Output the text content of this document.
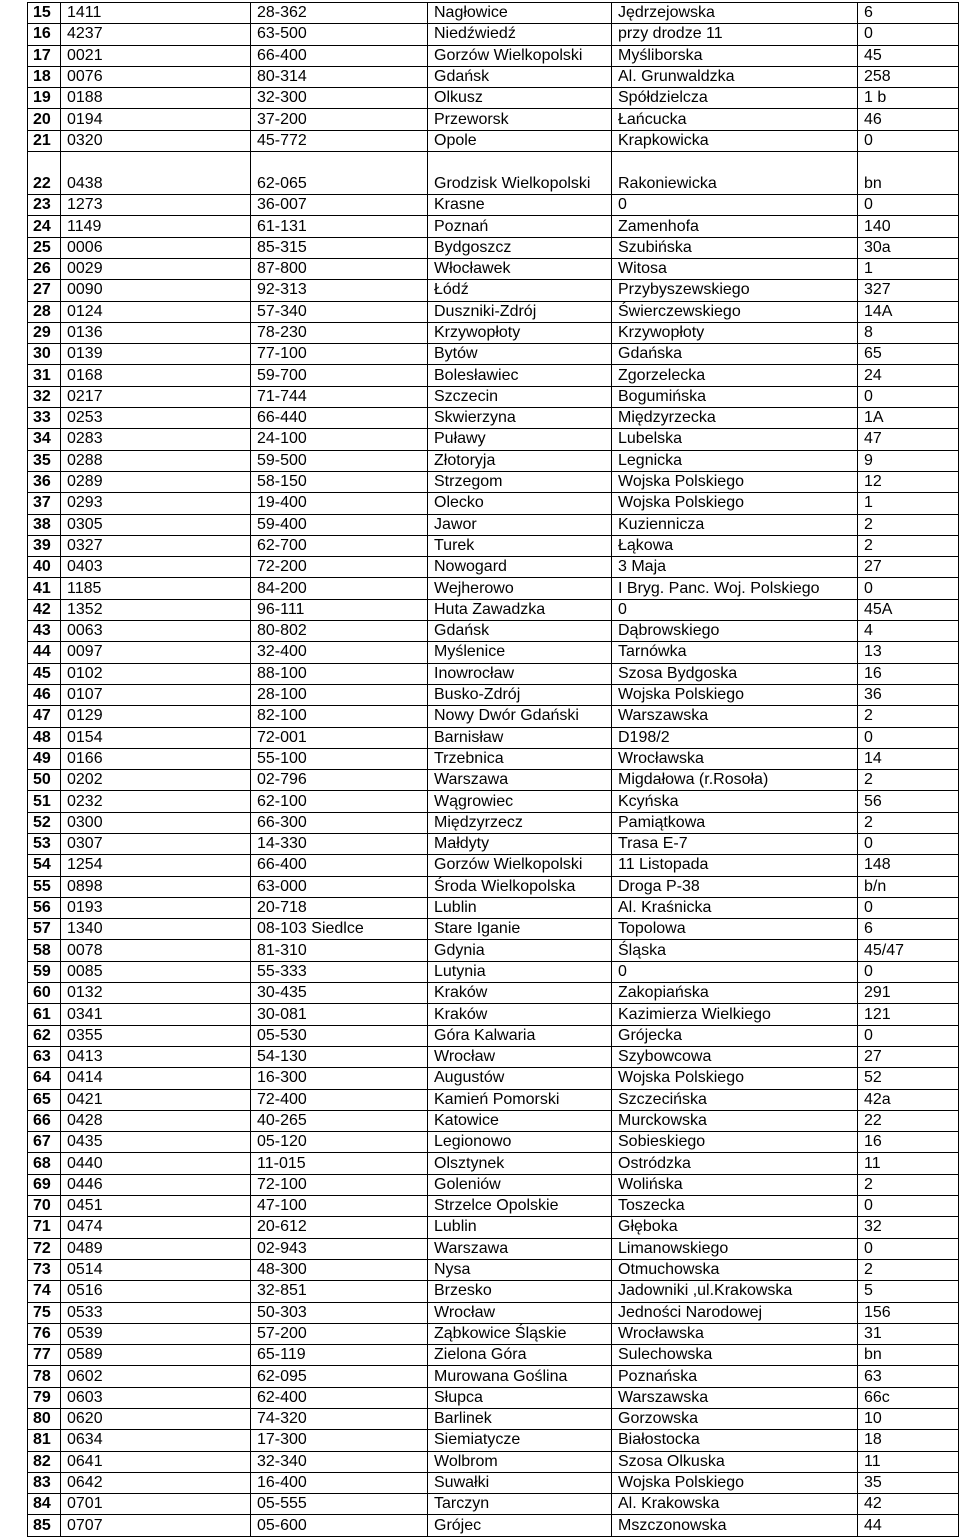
15	1411	28-362	Nagłowice	Jędrzejowska	6
16	4237	63-500	Niedźwiedź	przy drodze 11	0
17	0021	66-400	Gorzów Wielkopolski	Myśliborska	45
18	0076	80-314	Gdańsk	Al. Grunwaldzka	258
19	0188	32-300	Olkusz	Spółdzielcza	1 b
20	0194	37-200	Przeworsk	Łańcucka	46
21	0320	45-772	Opole	Krapkowicka	0
22	0438	62-065	Grodzisk Wielkopolski	Rakoniewicka	bn
23	1273	36-007	Krasne	0	0
24	1149	61-131	Poznań	Zamenhofa	140
25	0006	85-315	Bydgoszcz	Szubińska	30a
26	0029	87-800	Włocławek	Witosa	1
27	0090	92-313	Łódź	Przybyszewskiego	327
28	0124	57-340	Duszniki-Zdrój	Świerczewskiego	14A
29	0136	78-230	Krzywopłoty	Krzywopłoty	8
30	0139	77-100	Bytów	Gdańska	65
31	0168	59-700	Bolesławiec	Zgorzelecka	24
32	0217	71-744	Szczecin	Bogumińska	0
33	0253	66-440	Skwierzyna	Międzyrzecka	1A
34	0283	24-100	Puławy	Lubelska	47
35	0288	59-500	Złotoryja	Legnicka	9
36	0289	58-150	Strzegom	Wojska Polskiego	12
37	0293	19-400	Olecko	Wojska Polskiego	1
38	0305	59-400	Jawor	Kuziennicza	2
39	0327	62-700	Turek	Łąkowa	2
40	0403	72-200	Nowogard	3 Maja	27
41	1185	84-200	Wejherowo	I Bryg. Panc. Woj. Polskiego	0
42	1352	96-111	Huta Zawadzka	0	45A
43	0063	80-802	Gdańsk	Dąbrowskiego	4
44	0097	32-400	Myślenice	Tarnówka	13
45	0102	88-100	Inowrocław	Szosa Bydgoska	16
46	0107	28-100	Busko-Zdrój	Wojska Polskiego	36
47	0129	82-100	Nowy Dwór Gdański	Warszawska	2
48	0154	72-001	Barnisław	D198/2	0
49	0166	55-100	Trzebnica	Wrocławska	14
50	0202	02-796	Warszawa	Migdałowa (r.Rosoła)	2
51	0232	62-100	Wągrowiec	Kcyńska	56
52	0300	66-300	Międzyrzecz	Pamiątkowa	2
53	0307	14-330	Małdyty	Trasa E-7	0
54	1254	66-400	Gorzów Wielkopolski	11 Listopada	148
55	0898	63-000	Środa Wielkopolska	Droga P-38	b/n
56	0193	20-718	Lublin	Al. Kraśnicka	0
57	1340	08-103 Siedlce	Stare Iganie	Topolowa	6
58	0078	81-310	Gdynia	Śląska	45/47
59	0085	55-333	Lutynia	0	0
60	0132	30-435	Kraków	Zakopiańska	291
61	0341	30-081	Kraków	Kazimierza Wielkiego	121
62	0355	05-530	Góra Kalwaria	Grójecka	0
63	0413	54-130	Wrocław	Szybowcowa	27
64	0414	16-300	Augustów	Wojska Polskiego	52
65	0421	72-400	Kamień Pomorski	Szczecińska	42a
66	0428	40-265	Katowice	Murckowska	22
67	0435	05-120	Legionowo	Sobieskiego	16
68	0440	11-015	Olsztynek	Ostródzka	11
69	0446	72-100	Goleniów	Wolińska	2
70	0451	47-100	Strzelce Opolskie	Toszecka	0
71	0474	20-612	Lublin	Głęboka	32
72	0489	02-943	Warszawa	Limanowskiego	0
73	0514	48-300	Nysa	Otmuchowska	2
74	0516	32-851	Brzesko	Jadowniki ,ul.Krakowska	5
75	0533	50-303	Wrocław	Jedności Narodowej	156
76	0539	57-200	Ząbkowice Śląskie	Wrocławska	31
77	0589	65-119	Zielona Góra	Sulechowska	bn
78	0602	62-095	Murowana Goślina	Poznańska	63
79	0603	62-400	Słupca	Warszawska	66c
80	0620	74-320	Barlinek	Gorzowska	10
81	0634	17-300	Siemiatycze	Białostocka	18
82	0641	32-340	Wolbrom	Szosa Olkuska	11
83	0642	16-400	Suwałki	Wojska Polskiego	35
84	0701	05-555	Tarczyn	Al. Krakowska	42
85	0707	05-600	Grójec	Mszczonowska	44
